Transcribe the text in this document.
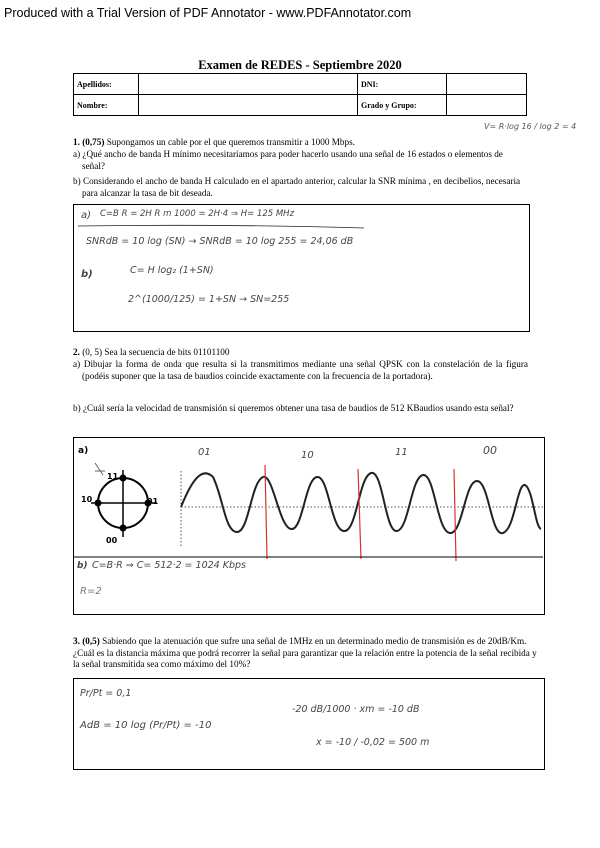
Produced with a Trial Version of PDF Annotator - www.PDFAnnotator.com
Examen de REDES - Septiembre 2020
Apellidos:		DNI:	
Nombre:		Grado y Grupo:	
1. (0,75) Supongamos un cable por el que queremos transmitir a 1000 Mbps.
a) ¿Qué ancho de banda H mínimo necesitaríamos para poder hacerlo usando una señal de 16 estados o elementos de señal?
b) Considerando el ancho de banda H calculado en el apartado anterior, calcular la SNR mínima , en decibelios, necesaria para alcanzar la tasa de bit deseada.
V= R·log 16 / log 2 = 4
a) C=B R = 2H R m 1000 = 2H·4 ⇒ H= 125 MHz
SNRdB = 10 log (SN) → SNRdB = 10 log 255 = 24,06 dB
b)	C= H log₂ (1+SN)
2^(1000/125) = 1+SN → SN=255
2. (0, 5) Sea la secuencia de bits 01101100
a) Dibujar la forma de onda que resulta si la transmitimos mediante una señal QPSK con la constelación de la figura (podéis suponer que la tasa de baudios coincide exactamente con la frecuencia de la portadora).
b) ¿Cuál sería la velocidad de transmisión si queremos obtener una tasa de baudios de 512 KBaudios usando esta señal?
a)
11
10	01
00
01	10	11	00
b) C=B·R ⇒ C= 512·2 = 1024 Kbps
R=2
3. (0,5) Sabiendo que la atenuación que sufre una señal de 1MHz en un determinado medio de transmisión es de 20dB/Km. ¿Cuál es la distancia máxima que podrá recorrer la señal para garantizar que la relación entre la potencia de la señal recibida y la señal transmitida sea como máximo del 10%?
Pr/Pt = 0,1
AdB = 10 log (Pr/Pt) = -10
-20 dB/1000 · xm = -10 dB
x = -10 / -0,02 = 500 m
